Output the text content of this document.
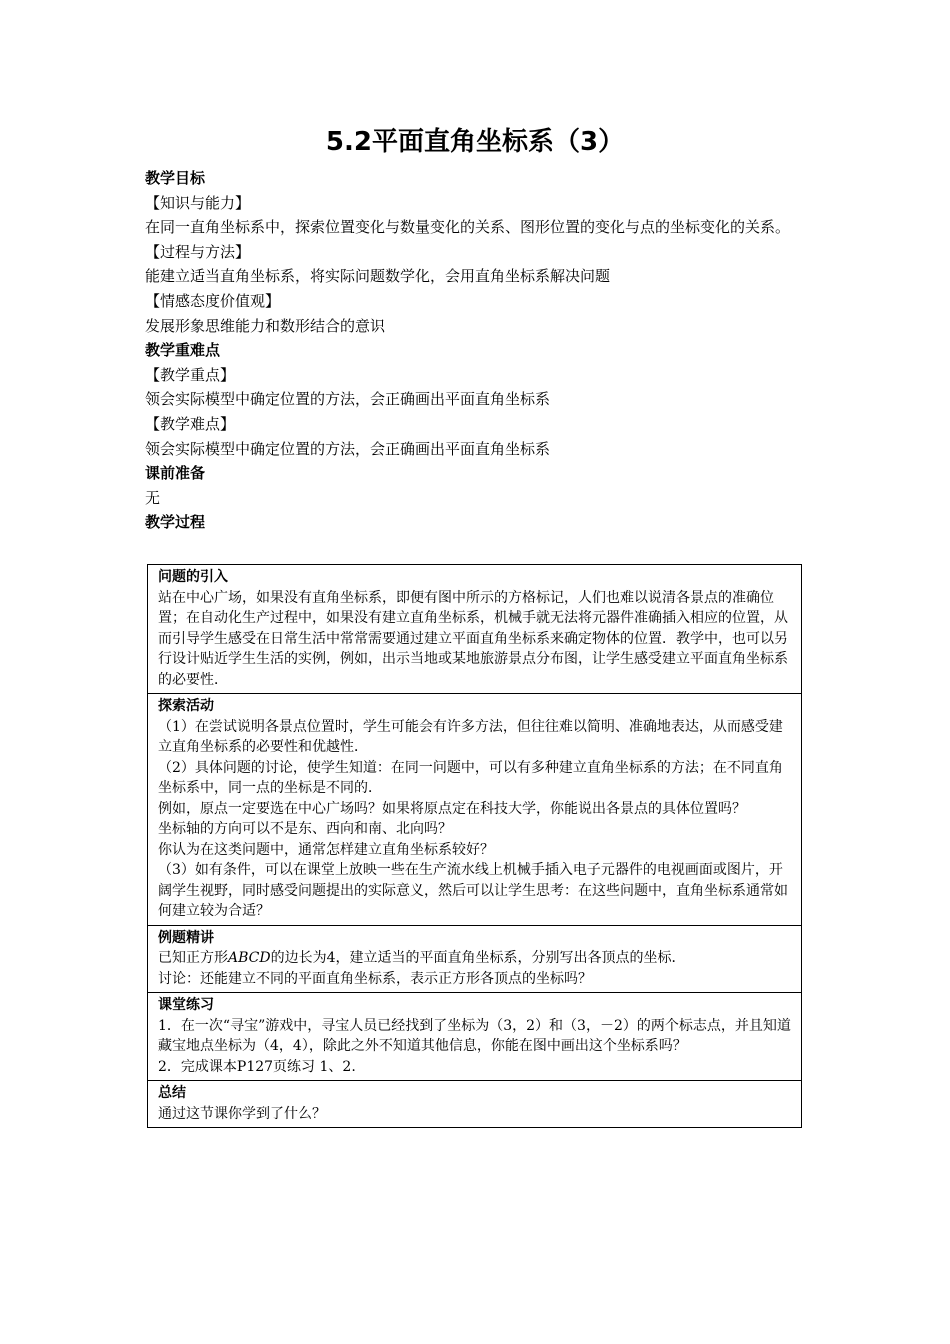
5.2平面直角坐标系（3）

教学目标

【知识与能力】

在同一直角坐标系中，探索位置变化与数量变化的关系、图形位置的变化与点的坐标变化的关系。

【过程与方法】

能建立适当直角坐标系，将实际问题数学化，会用直角坐标系解决问题

【情感态度价值观】

发展形象思维能力和数形结合的意识

教学重难点

【教学重点】

领会实际模型中确定位置的方法，会正确画出平面直角坐标系

【教学难点】

领会实际模型中确定位置的方法，会正确画出平面直角坐标系

课前准备

无

教学过程

问题的引入
站在中心广场，如果没有直角坐标系，即便有图中所示的方格标记，人们也难以说清各景点的准确位置；在自动化生产过程中，如果没有建立直角坐标系，机械手就无法将元器件准确插入相应的位置，从而引导学生感受在日常生活中常常需要通过建立平面直角坐标系来确定物体的位置．教学中，也可以另行设计贴近学生生活的实例，例如，出示当地或某地旅游景点分布图，让学生感受建立平面直角坐标系的必要性．

探索活动
（1）在尝试说明各景点位置时，学生可能会有许多方法，但往往难以简明、准确地表达，从而感受建立直角坐标系的必要性和优越性．
（2）具体问题的讨论，使学生知道：在同一问题中，可以有多种建立直角坐标系的方法；在不同直角坐标系中，同一点的坐标是不同的．
例如，原点一定要选在中心广场吗？如果将原点定在科技大学，你能说出各景点的具体位置吗？
坐标轴的方向可以不是东、西向和南、北向吗？
你认为在这类问题中，通常怎样建立直角坐标系较好？
（3）如有条件，可以在课堂上放映一些在生产流水线上机械手插入电子元器件的电视画面或图片，开阔学生视野，同时感受问题提出的实际意义，然后可以让学生思考：在这些问题中，直角坐标系通常如何建立较为合适？

例题精讲
已知正方形ABCD的边长为4，建立适当的平面直角坐标系，分别写出各顶点的坐标．
讨论：还能建立不同的平面直角坐标系，表示正方形各顶点的坐标吗？

课堂练习
1．在一次“寻宝”游戏中，寻宝人员已经找到了坐标为（3，2）和（3，－2）的两个标志点，并且知道藏宝地点坐标为（4，4），除此之外不知道其他信息，你能在图中画出这个坐标系吗？
2．完成课本P127页练习 1、2.

总结
通过这节课你学到了什么？
